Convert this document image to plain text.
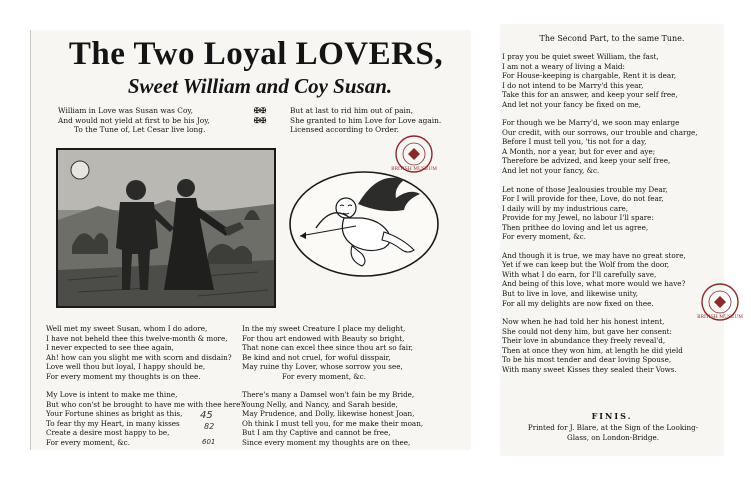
The Two Loyal LOVERS,
Sweet William and Coy Susan.
William in Love was Susan was Coy,
And would not yield at first to be his Joy,
To the Tune of, Let Cesar live long.
✠✠
✠✠
But at last to rid him out of pain,
She granted to him Love for Love again.
Licensed according to Order.
BRITISH MUSEUM
BRITISH MUSEUM
Well met my sweet Susan, whom I do adore,
I have not beheld thee this twelve-month & more,
I never expected to see thee again,
Ah! how can you slight me with scorn and disdain?
Love well thou but loyal, I happy should be,
For every moment my thoughts is on thee.
My Love is intent to make me thine,
But who con'st be brought to have me with thee here?
Your Fortune shines as bright as this,
To fear thy my Heart, in many kisses
Create a desire most happy to be,
For every moment, &c.
In the my sweet Creature I place my delight,
For thou art endowed with Beauty so bright,
That none can excel thee since thou art so fair,
Be kind and not cruel, for woful disspair,
May ruine thy Lover, whose sorrow you see,
For every moment, &c.
There's many a Damsel won't fain be my Bride,
Young Nelly, and Nancy, and Sarah beside,
May Prudence, and Dolly, likewise honest Joan,
Oh think I must tell you, for me make their moan,
But I am thy Captive and cannot be free,
Since every moment my thoughts are on thee,
45
82
601
The Second Part, to the same Tune.
I pray you be quiet sweet William, the fast,
I am not a weary of living a Maid:
For House-keeping is chargable, Rent it is dear,
I do not intend to be Marry'd this year,
Take this for an answer, and keep your self free,
And let not your fancy be fixed on me,
For though we be Marry'd, we soon may enlarge
Our credit, with our sorrows, our trouble and charge,
Before I must tell you, 'tis not for a day,
A Month, nor a year, but for ever and aye;
Therefore be advized, and keep your self free,
And let not your fancy, &c.
Let none of those Jealousies trouble my Dear,
For I will provide for thee, Love, do not fear,
I daily will by my industrious care,
Provide for my Jewel, no labour I'll spare:
Then prithee do loving and let us agree,
For every moment, &c.
And though it is true, we may have no great store,
Yet if we can keep but the Wolf from the door,
With what I do earn, for I'll carefully save,
And being of this love, what more would we have?
But to live in love, and likewise unity,
For all my delights are now fixed on thee.
Now when he had told her his honest intent,
She could not deny him, but gave her consent:
Their love in abundance they freely reveal'd,
Then at once they won him, at length he did yield
To be his most tender and dear loving Spouse,
With many sweet Kisses they sealed their Vows.
FINIS.
Printed for J. Blare, at the Sign of the Looking-
Glass, on London-Bridge.
